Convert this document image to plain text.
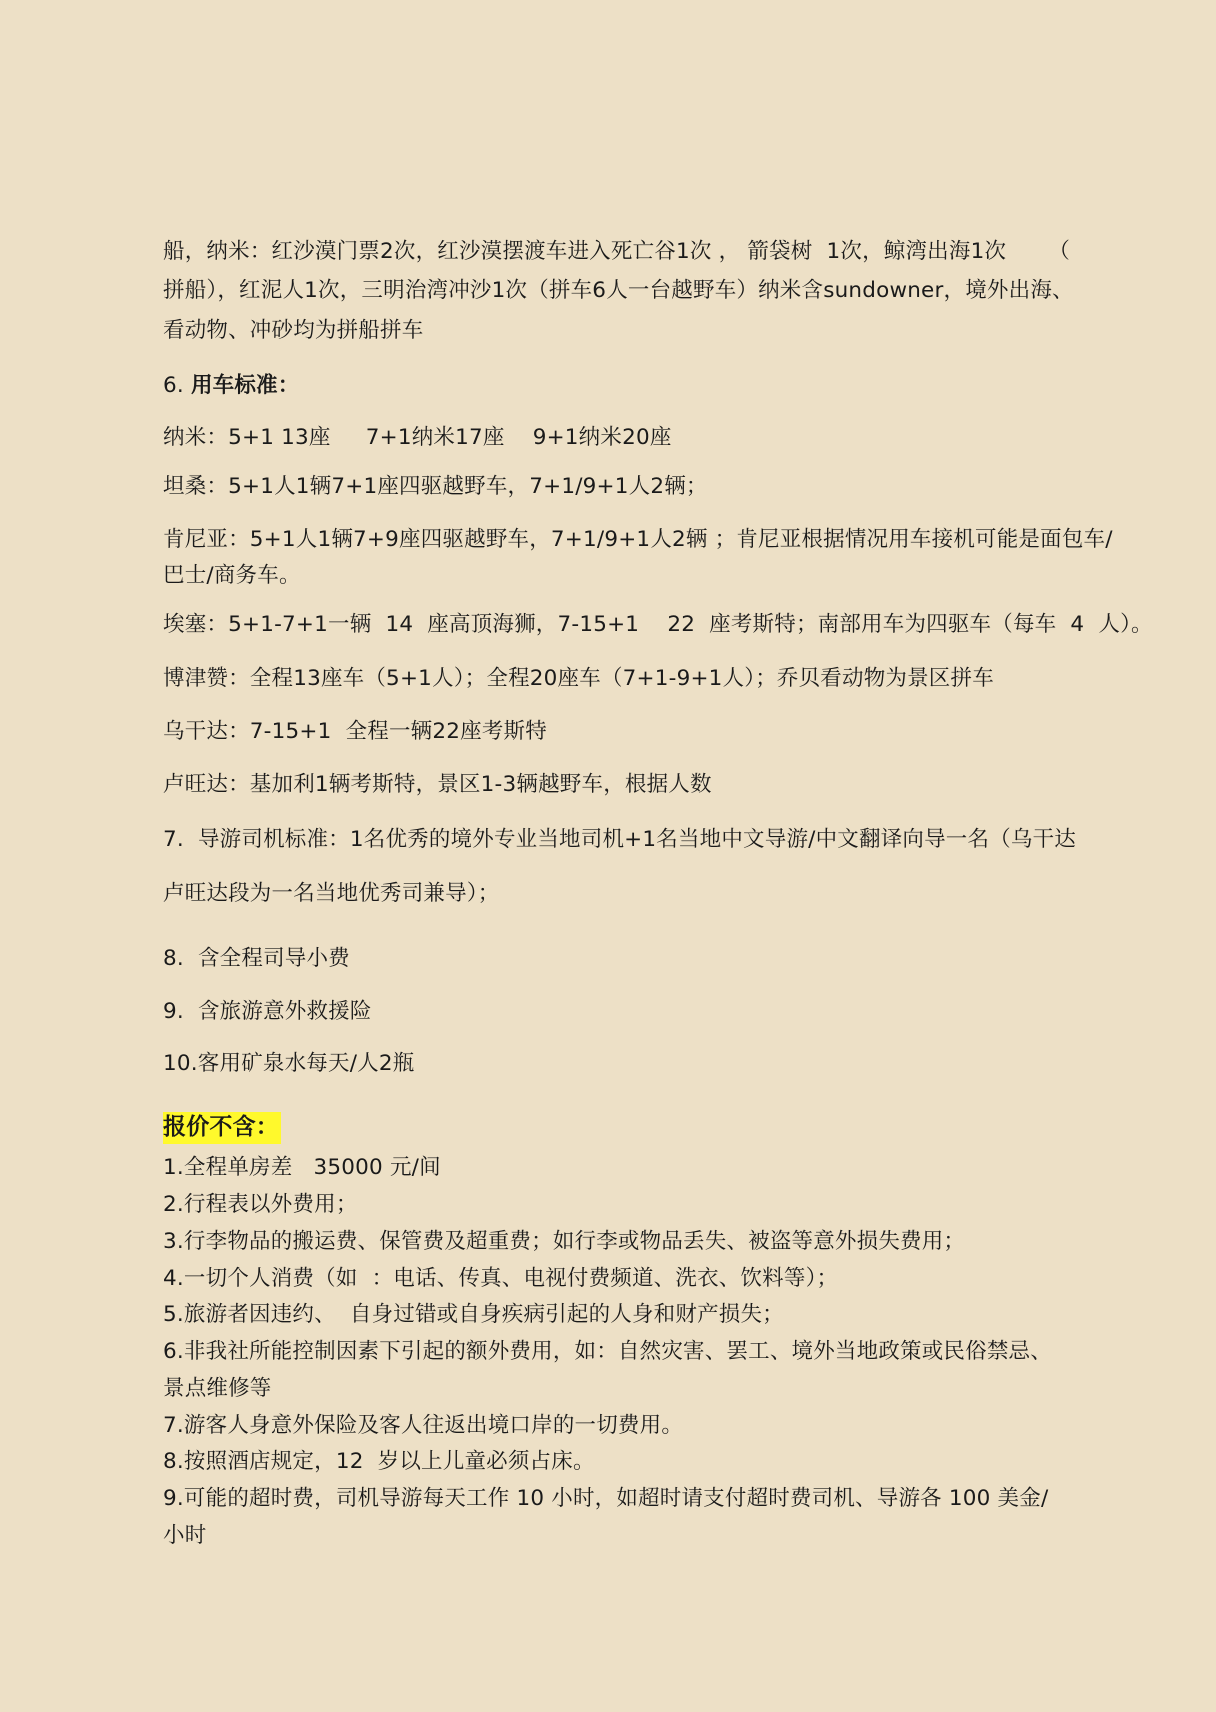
船，纳米：红沙漠门票2次，红沙漠摆渡车进入死亡谷1次 ， 箭袋树  1次，鲸湾出海1次      （
拼船），红泥人1次，三明治湾冲沙1次（拼车6人一台越野车）纳米含sundowner，境外出海、
看动物、冲砂均为拼船拼车
6. 用车标准：
纳米：5+1 13座     7+1纳米17座    9+1纳米20座
坦桑：5+1人1辆7+1座四驱越野车，7+1/9+1人2辆；
肯尼亚：5+1人1辆7+9座四驱越野车，7+1/9+1人2辆 ；肯尼亚根据情况用车接机可能是面包车/
巴士/商务车。
埃塞：5+1-7+1一辆  14  座高顶海狮，7-15+1    22  座考斯特；南部用车为四驱车（每车  4  人）。
博津赞：全程13座车（5+1人）；全程20座车（7+1-9+1人）；乔贝看动物为景区拼车
乌干达：7-15+1  全程一辆22座考斯特
卢旺达：基加利1辆考斯特，景区1-3辆越野车，根据人数
7.  导游司机标准：1名优秀的境外专业当地司机+1名当地中文导游/中文翻译向导一名（乌干达
卢旺达段为一名当地优秀司兼导）；
8.  含全程司导小费
9.  含旅游意外救援险
10.客用矿泉水每天/人2瓶
报价不含：
1.全程单房差   35000 元/间
2.行程表以外费用；
3.行李物品的搬运费、保管费及超重费；如行李或物品丢失、被盗等意外损失费用；
4.一切个人消费（如  ：电话、传真、电视付费频道、洗衣、饮料等）；
5.旅游者因违约、  自身过错或自身疾病引起的人身和财产损失；
6.非我社所能控制因素下引起的额外费用，如：自然灾害、罢工、境外当地政策或民俗禁忌、
景点维修等
7.游客人身意外保险及客人往返出境口岸的一切费用。
8.按照酒店规定，12  岁以上儿童必须占床。
9.可能的超时费，司机导游每天工作 10 小时，如超时请支付超时费司机、导游各 100 美金/
小时
